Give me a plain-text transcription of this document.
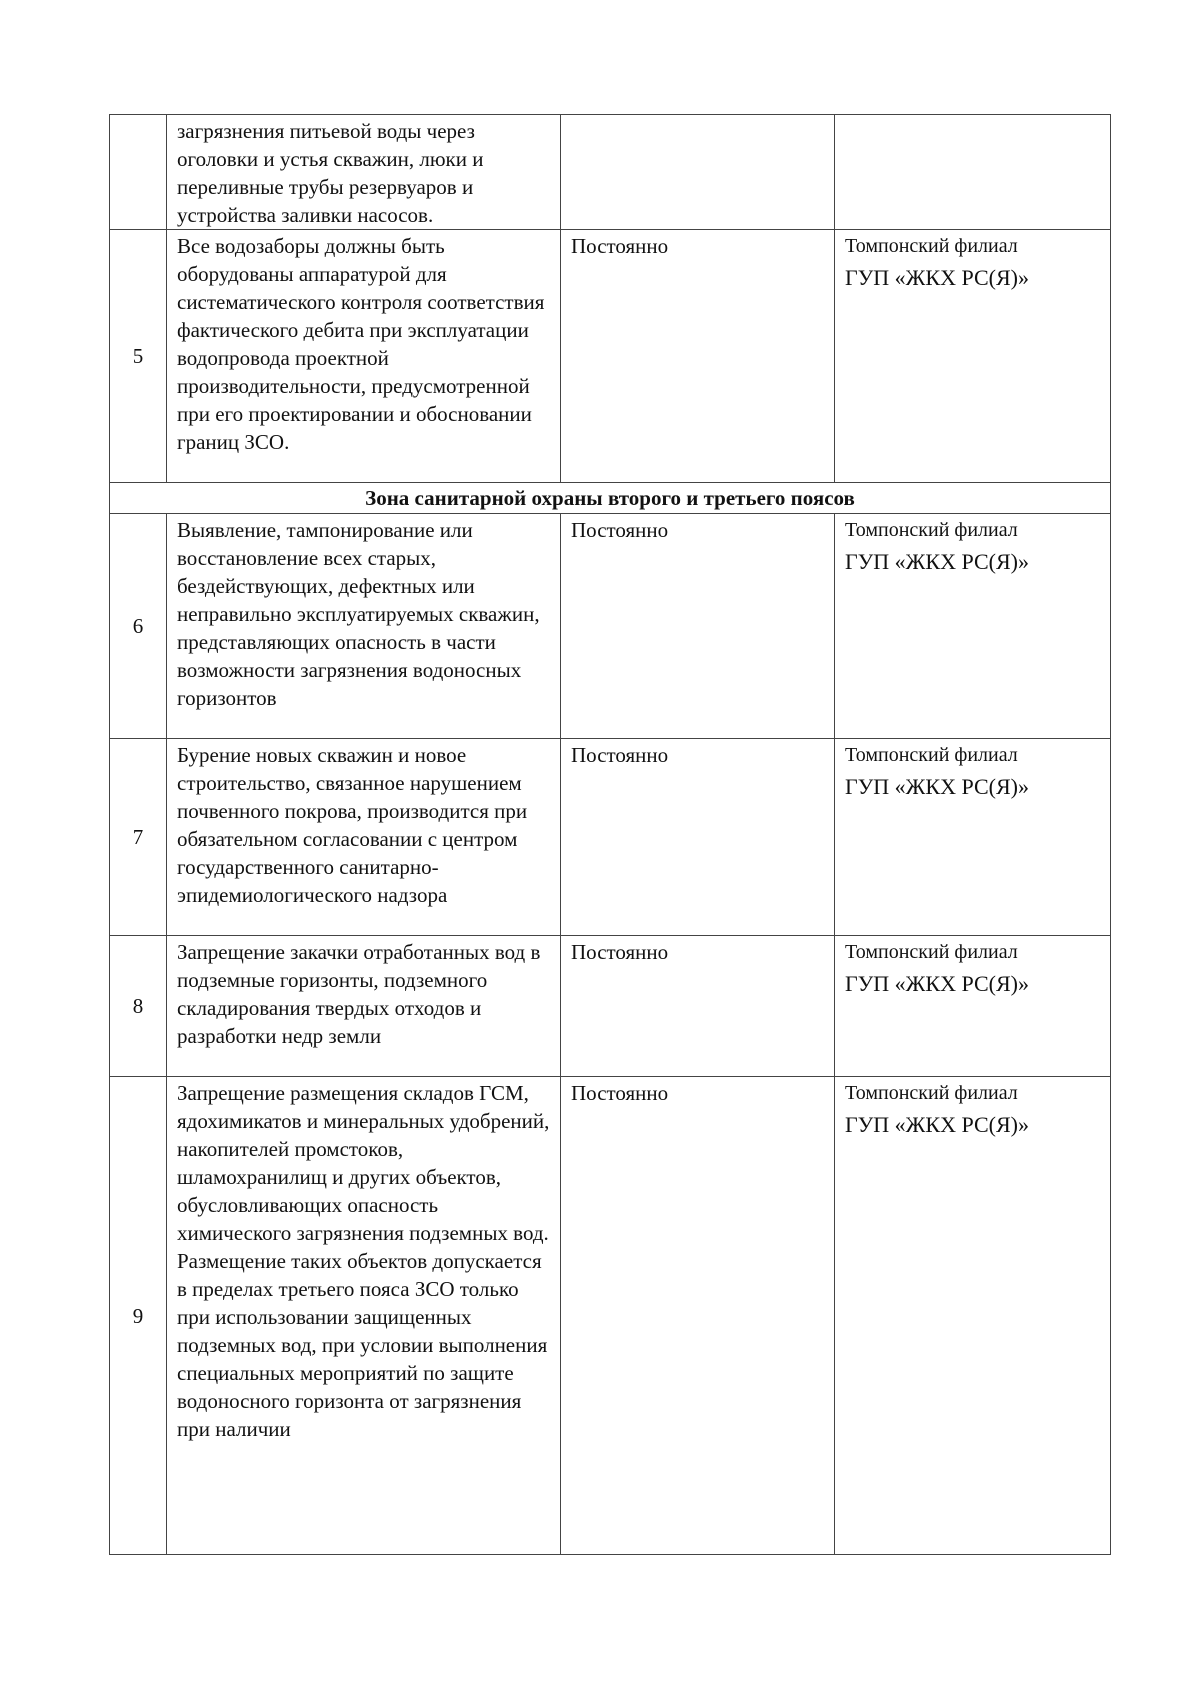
	загрязнения питьевой воды через оголовки и устья скважин, люки и переливные трубы резервуаров и устройства заливки насосов.		

5	Все водозаборы должны быть оборудованы аппаратурой для систематического контроля соответствия фактического дебита при эксплуатации водопровода проектной производительности, предусмотренной при его проектировании и обосновании границ ЗСО.	Постоянно	Томпонский филиал
ГУП «ЖКХ РС(Я)»

Зона санитарной охраны второго и третьего поясов			
6	Выявление, тампонирование или восстановление всех старых, бездействующих, дефектных или неправильно эксплуатируемых скважин, представляющих опасность в части возможности загрязнения водоносных горизонтов	Постоянно	Томпонский филиал
ГУП «ЖКХ РС(Я)»

7	Бурение новых скважин и новое строительство, связанное нарушением почвенного покрова, производится при обязательном согласовании с центром государственного санитарно-эпидемиологического надзора	Постоянно	Томпонский филиал
ГУП «ЖКХ РС(Я)»

8	Запрещение закачки отработанных вод в подземные горизонты, подземного складирования твердых отходов и разработки недр земли	Постоянно	Томпонский филиал
ГУП «ЖКХ РС(Я)»

9	Запрещение размещения складов ГСМ, ядохимикатов и минеральных удобрений, накопителей промстоков, шламохранилищ и других объектов, обусловливающих опасность химического загрязнения подземных вод. Размещение таких объектов допускается в пределах третьего пояса ЗСО только при использовании защищенных подземных вод, при условии выполнения специальных мероприятий по защите водоносного горизонта от загрязнения при наличии	Постоянно	Томпонский филиал
ГУП «ЖКХ РС(Я)»
